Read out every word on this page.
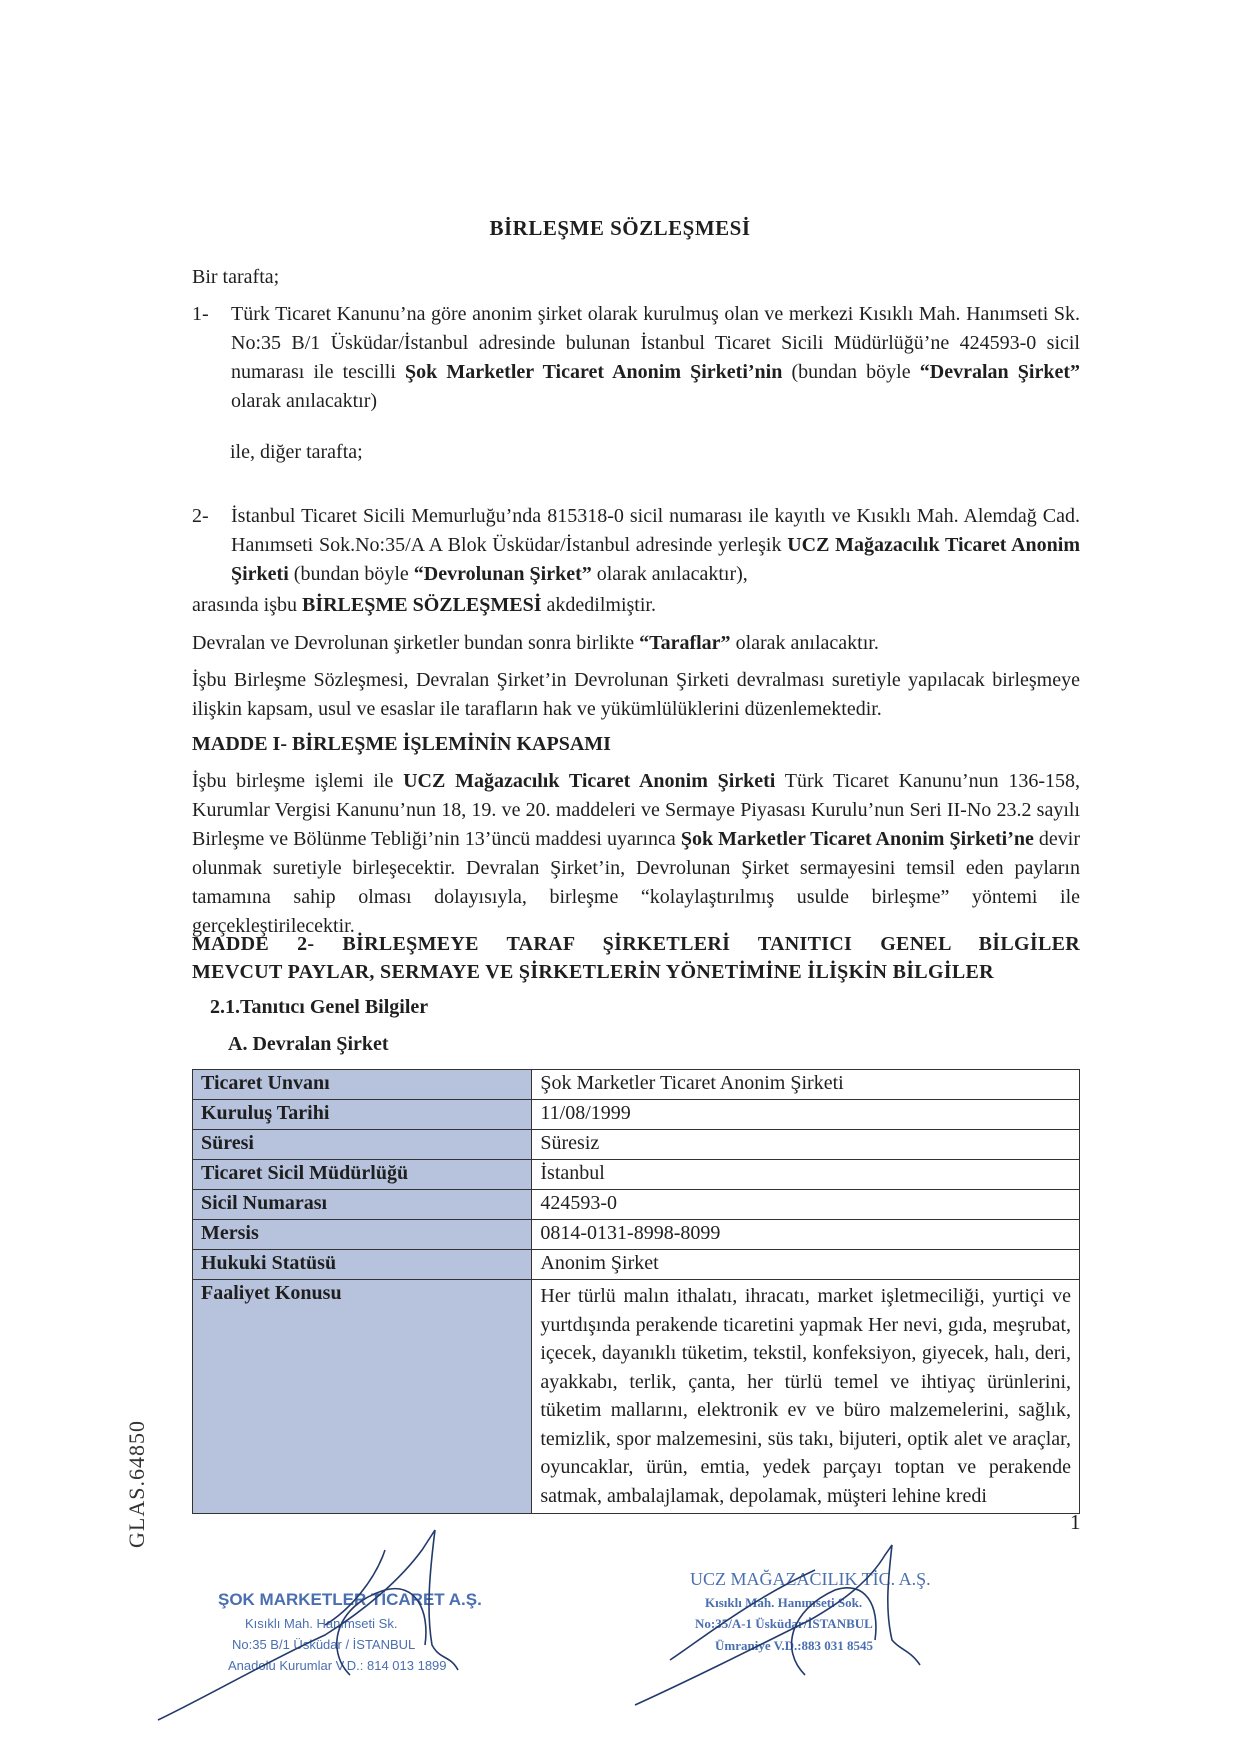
BİRLEŞME SÖZLEŞMESİ
Bir tarafta;
1- Türk Ticaret Kanunu’na göre anonim şirket olarak kurulmuş olan ve merkezi Kısıklı Mah. Hanımseti Sk. No:35 B/1 Üsküdar/İstanbul adresinde bulunan İstanbul Ticaret Sicili Müdürlüğü’ne 424593-0 sicil numarası ile tescilli Şok Marketler Ticaret Anonim Şirketi’nin (bundan böyle “Devralan Şirket” olarak anılacaktır)
ile, diğer tarafta;
2- İstanbul Ticaret Sicili Memurluğu’nda 815318-0 sicil numarası ile kayıtlı ve Kısıklı Mah. Alemdağ Cad. Hanımseti Sok.No:35/A A Blok Üsküdar/İstanbul adresinde yerleşik UCZ Mağazacılık Ticaret Anonim Şirketi (bundan böyle “Devrolunan Şirket” olarak anılacaktır),
arasında işbu BİRLEŞME SÖZLEŞMESİ akdedilmiştir.
Devralan ve Devrolunan şirketler bundan sonra birlikte “Taraflar” olarak anılacaktır.
İşbu Birleşme Sözleşmesi, Devralan Şirket’in Devrolunan Şirketi devralması suretiyle yapılacak birleşmeye ilişkin kapsam, usul ve esaslar ile tarafların hak ve yükümlülüklerini düzenlemektedir.
MADDE I- BİRLEŞME İŞLEMİNİN KAPSAMI
İşbu birleşme işlemi ile UCZ Mağazacılık Ticaret Anonim Şirketi Türk Ticaret Kanunu’nun 136-158, Kurumlar Vergisi Kanunu’nun 18, 19. ve 20. maddeleri ve Sermaye Piyasası Kurulu’nun Seri II-No 23.2 sayılı Birleşme ve Bölünme Tebliği’nin 13’üncü maddesi uyarınca Şok Marketler Ticaret Anonim Şirketi’ne devir olunmak suretiyle birleşecektir. Devralan Şirket’in, Devrolunan Şirket sermayesini temsil eden payların tamamına sahip olması dolayısıyla, birleşme “kolaylaştırılmış usulde birleşme” yöntemi ile gerçekleştirilecektir.
MADDE 2- BİRLEŞMEYE TARAF ŞİRKETLERİ TANITICI GENEL BİLGİLER
MEVCUT PAYLAR, SERMAYE VE ŞİRKETLERİN YÖNETİMİNE İLİŞKİN BİLGİLER
2.1.Tanıtıcı Genel Bilgiler
A. Devralan Şirket
Ticaret Unvanı	Şok Marketler Ticaret Anonim Şirketi
Kuruluş Tarihi	11/08/1999
Süresi	Süresiz
Ticaret Sicil Müdürlüğü	İstanbul
Sicil Numarası	424593-0
Mersis	0814-0131-8998-8099
Hukuki Statüsü	Anonim Şirket
Faaliyet Konusu	Her türlü malın ithalatı, ihracatı, market işletmeciliği, yurtiçi ve yurtdışında perakende ticaretini yapmak Her nevi, gıda, meşrubat, içecek, dayanıklı tüketim, tekstil, konfeksiyon, giyecek, halı, deri, ayakkabı, terlik, çanta, her türlü temel ve ihtiyaç ürünlerini, tüketim mallarını, elektronik ev ve büro malzemelerini, sağlık, temizlik, spor malzemesini, süs takı, bijuteri, optik alet ve araçlar, oyuncaklar, ürün, emtia, yedek parçayı toptan ve perakende satmak, ambalajlamak, depolamak, müşteri lehine kredi
GLAS.64850	1
ŞOK MARKETLER TİCARET A.Ş.
Kısıklı Mah. Hanımseti Sk.
No:35 B/1 Üsküdar / İSTANBUL
Anadolu Kurumlar V.D.: 814 013 1899
UCZ MAĞAZACILIK TİC. A.Ş.
Kısıklı Mah. Hanımseti Sok.
No:35/A-1 Üsküdar/İSTANBUL
Ümraniye V.D.:883 031 8545
